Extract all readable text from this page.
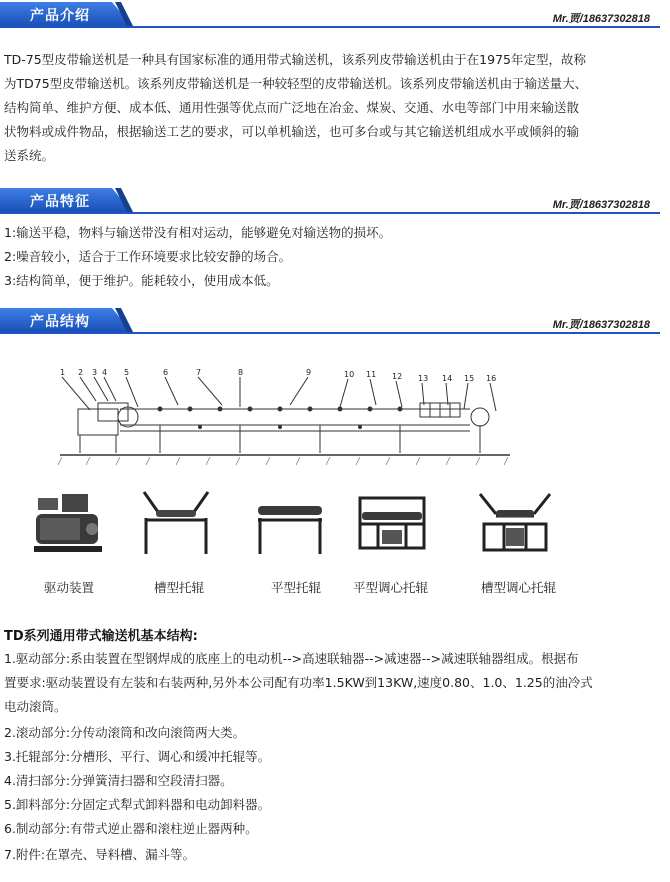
产品介绍	Mr.贾/18637302818
TD-75型皮带输送机是一种具有国家标准的通用带式输送机，该系列皮带输送机由于在1975年定型，故称
为TD75型皮带输送机。该系列皮带输送机是一种较轻型的皮带输送机。该系列皮带输送机由于输送量大、
结构简单、维护方便、成本低、通用性强等优点而广泛地在冶金、煤炭、交通、水电等部门中用来输送散
状物料或成件物品，根据输送工艺的要求，可以单机输送，也可多台或与其它输送机组成水平或倾斜的输
送系统。
产品特征	Mr.贾/18637302818
1:输送平稳，物料与输送带没有相对运动，能够避免对输送物的损坏。
2:噪音较小，适合于工作环境要求比较安静的场合。
3:结构简单，便于维护。能耗较小，使用成本低。
产品结构	Mr.贾/18637302818
1 2 3 4 5	6	7	8	9	10 11 12 13 14 15 16
驱动装置	槽型托辊	平型托辊	平型调心托辊	槽型调心托辊
TD系列通用带式输送机基本结构:
1.驱动部分:系由装置在型钢焊成的底座上的电动机-->高速联轴器-->减速器-->减速联轴器组成。根据布
置要求:驱动装置设有左装和右装两种,另外本公司配有功率1.5KW到13KW,速度0.80、1.0、1.25的油冷式
电动滚筒。
2.滚动部分:分传动滚筒和改向滚筒两大类。
3.托辊部分:分槽形、平行、调心和缓冲托辊等。
4.清扫部分:分弹簧清扫器和空段清扫器。
5.卸料部分:分固定式犁式卸料器和电动卸料器。
6.制动部分:有带式逆止器和滚柱逆止器两种。
7.附件:在罩壳、导料槽、漏斗等。
